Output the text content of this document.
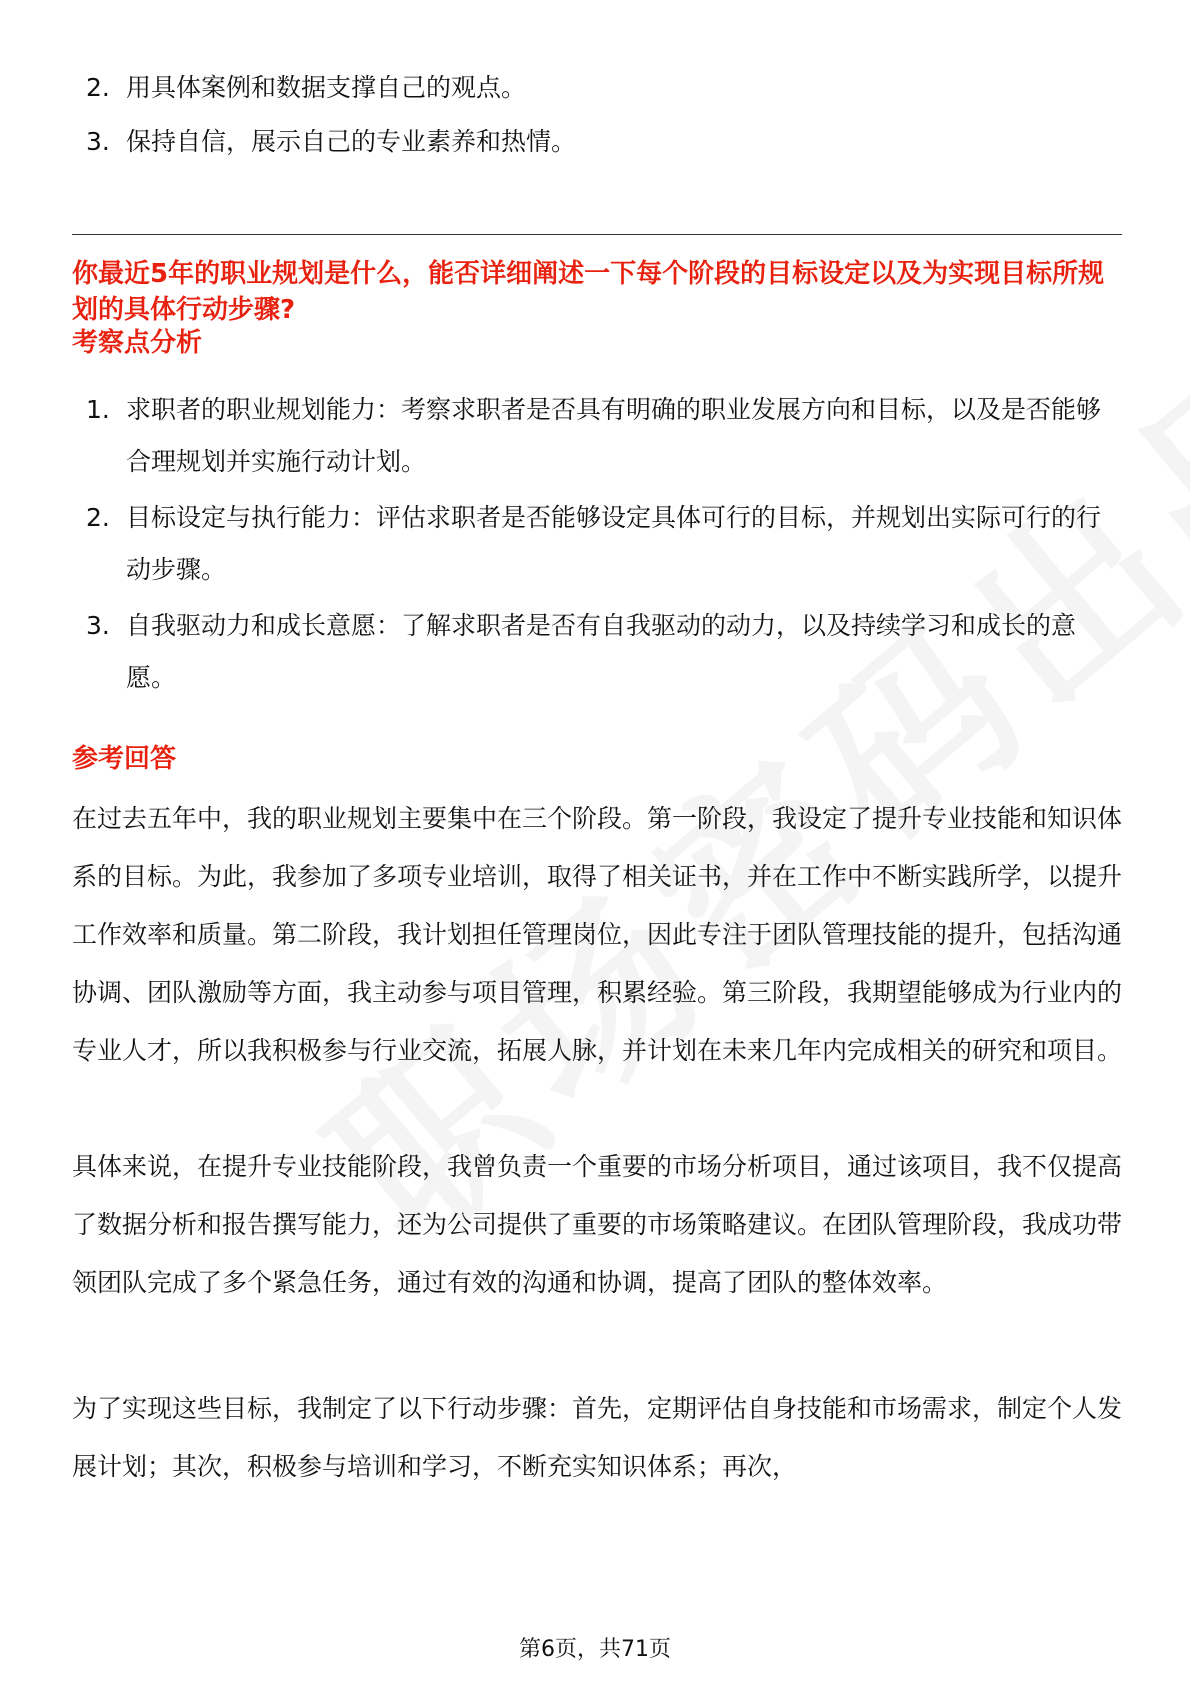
2. 用具体案例和数据支撑自己的观点。
3. 保持自信，展示自己的专业素养和热情。
你最近5年的职业规划是什么，能否详细阐述一下每个阶段的目标设定以及为实现目标所规划的具体行动步骤?
考察点分析
1. 求职者的职业规划能力：考察求职者是否具有明确的职业发展方向和目标，以及是否能够合理规划并实施行动计划。
2. 目标设定与执行能力：评估求职者是否能够设定具体可行的目标，并规划出实际可行的行动步骤。
3. 自我驱动力和成长意愿：了解求职者是否有自我驱动的动力，以及持续学习和成长的意愿。
参考回答

在过去五年中，我的职业规划主要集中在三个阶段。第一阶段，我设定了提升专业技能和知识体系的目标。为此，我参加了多项专业培训，取得了相关证书，并在工作中不断实践所学，以提升工作效率和质量。第二阶段，我计划担任管理岗位，因此专注于团队管理技能的提升，包括沟通协调、团队激励等方面，我主动参与项目管理，积累经验。第三阶段，我期望能够成为行业内的专业人才，所以我积极参与行业交流，拓展人脉，并计划在未来几年内完成相关的研究和项目。

具体来说，在提升专业技能阶段，我曾负责一个重要的市场分析项目，通过该项目，我不仅提高了数据分析和报告撰写能力，还为公司提供了重要的市场策略建议。在团队管理阶段，我成功带领团队完成了多个紧急任务，通过有效的沟通和协调，提高了团队的整体效率。

为了实现这些目标，我制定了以下行动步骤：首先，定期评估自身技能和市场需求，制定个人发展计划；其次，积极参与培训和学习，不断充实知识体系；再次，

第6页，共71页
